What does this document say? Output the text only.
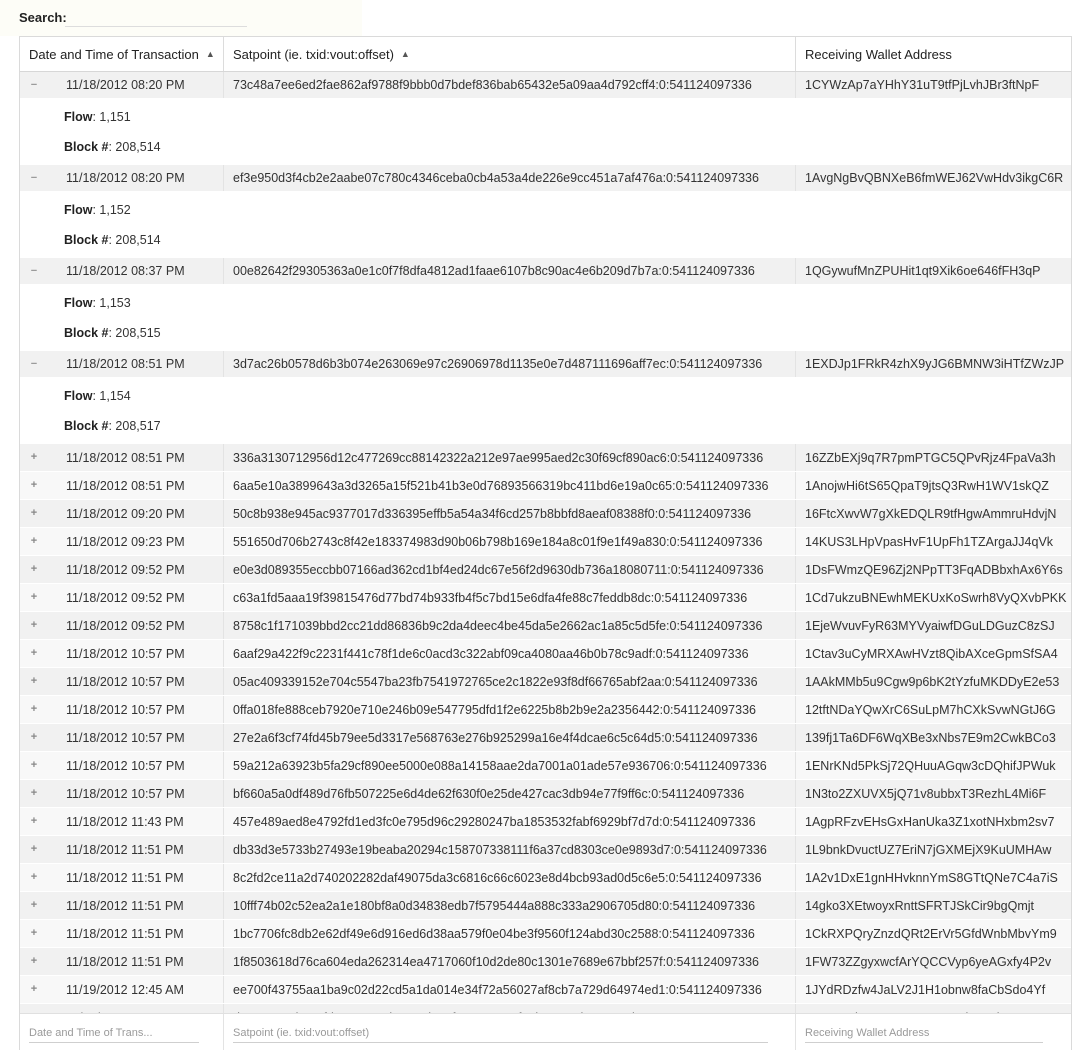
Search:
Date and Time of Transaction ▲ Satpoint (ie. txid:vout:offset) ▲	Receiving Wallet Address
− 11/18/2012 08:20 PM	73c48a7ee6ed2fae862af9788f9bbb0d7bdef836bab65432e5a09aa4d792cff4:0:541124097336	1CYWzAp7aYHhY31uT9tfPjLvhJBr3ftNpF
Flow: 1,151
Block #: 208,514
− 11/18/2012 08:20 PM	ef3e950d3f4cb2e2aabe07c780c4346ceba0cb4a53a4de226e9cc451a7af476a:0:541124097336	1AvgNgBvQBNXeB6fmWEJ62VwHdv3ikgC6R
Flow: 1,152
Block #: 208,514
− 11/18/2012 08:37 PM	00e82642f29305363a0e1c0f7f8dfa4812ad1faae6107b8c90ac4e6b209d7b7a:0:541124097336	1QGywufMnZPUHit1qt9Xik6oe646fFH3qP
Flow: 1,153
Block #: 208,515
− 11/18/2012 08:51 PM	3d7ac26b0578d6b3b074e263069e97c26906978d1135e0e7d487111696aff7ec:0:541124097336	1EXDJp1FRkR4zhX9yJG6BMNW3iHTfZWzJP
Flow: 1,154
Block #: 208,517
+ 11/18/2012 08:51 PM	336a3130712956d12c477269cc88142322a212e97ae995aed2c30f69cf890ac6:0:541124097336	16ZZbEXj9q7R7pmPTGC5QPvRjz4FpaVa3h
+ 11/18/2012 08:51 PM	6aa5e10a3899643a3d3265a15f521b41b3e0d76893566319bc411bd6e19a0c65:0:541124097336	1AnojwHi6tS65QpaT9jtsQ3RwH1WV1skQZ
+ 11/18/2012 09:20 PM	50c8b938e945ac9377017d336395effb5a54a34f6cd257b8bbfd8aeaf08388f0:0:541124097336	16FtcXwvW7gXkEDQLR9tfHgwAmmruHdvjN
+ 11/18/2012 09:23 PM	551650d706b2743c8f42e183374983d90b06b798b169e184a8c01f9e1f49a830:0:541124097336	14KUS3LHpVpasHvF1UpFh1TZArgaJJ4qVk
+ 11/18/2012 09:52 PM	e0e3d089355eccbb07166ad362cd1bf4ed24dc67e56f2d9630db736a18080711:0:541124097336	1DsFWmzQE96Zj2NPpTT3FqADBbxhAx6Y6s
+ 11/18/2012 09:52 PM	c63a1fd5aaa19f39815476d77bd74b933fb4f5c7bd15e6dfa4fe88c7feddb8dc:0:541124097336	1Cd7ukzuBNEwhMEKUxKoSwrh8VyQXvbPKK
+ 11/18/2012 09:52 PM	8758c1f171039bbd2cc21dd86836b9c2da4deec4be45da5e2662ac1a85c5d5fe:0:541124097336	1EjeWvuvFyR63MYVyaiwfDGuLDGuzC8zSJ
+ 11/18/2012 10:57 PM	6aaf29a422f9c2231f441c78f1de6c0acd3c322abf09ca4080aa46b0b78c9adf:0:541124097336	1Ctav3uCyMRXAwHVzt8QibAXceGpmSfSA4
+ 11/18/2012 10:57 PM	05ac409339152e704c5547ba23fb7541972765ce2c1822e93f8df66765abf2aa:0:541124097336	1AAkMMb5u9Cgw9p6bK2tYzfuMKDDyE2e53
+ 11/18/2012 10:57 PM	0ffa018fe888ceb7920e710e246b09e547795dfd1f2e6225b8b2b9e2a2356442:0:541124097336	12tftNDaYQwXrC6SuLpM7hCXkSvwNGtJ6G
+ 11/18/2012 10:57 PM	27e2a6f3cf74fd45b79ee5d3317e568763e276b925299a16e4f4dcae6c5c64d5:0:541124097336	139fj1Ta6DF6WqXBe3xNbs7E9m2CwkBCo3
+ 11/18/2012 10:57 PM	59a212a63923b5fa29cf890ee5000e088a14158aae2da7001a01ade57e936706:0:541124097336	1ENrKNd5PkSj72QHuuAGqw3cDQhifJPWuk
+ 11/18/2012 10:57 PM	bf660a5a0df489d76fb507225e6d4de62f630f0e25de427cac3db94e77f9ff6c:0:541124097336	1N3to2ZXUVX5jQ71v8ubbxT3RezhL4Mi6F
+ 11/18/2012 11:43 PM	457e489aed8e4792fd1ed3fc0e795d96c29280247ba1853532fabf6929bf7d7d:0:541124097336	1AgpRFzvEHsGxHanUka3Z1xotNHxbm2sv7
+ 11/18/2012 11:51 PM	db33d3e5733b27493e19beaba20294c158707338111f6a37cd8303ce0e9893d7:0:541124097336	1L9bnkDvuctUZ7EriN7jGXMEjX9KuUMHAw
+ 11/18/2012 11:51 PM	8c2fd2ce11a2d740202282daf49075da3c6816c66c6023e8d4bcb93ad0d5c6e5:0:541124097336	1A2v1DxE1gnHHvknnYmS8GTtQNe7C4a7iS
+ 11/18/2012 11:51 PM	10fff74b02c52ea2a1e180bf8a0d34838edb7f5795444a888c333a2906705d80:0:541124097336	14gko3XEtwoyxRnttSFRTJSkCir9bgQmjt
+ 11/18/2012 11:51 PM	1bc7706fc8db2e62df49e6d916ed6d38aa579f0e04be3f9560f124abd30c2588:0:541124097336	1CkRXPQryZnzdQRt2ErVr5GfdWnbMbvYm9
+ 11/18/2012 11:51 PM	1f8503618d76ca604eda262314ea4717060f10d2de80c1301e7689e67bbf257f:0:541124097336	1FW73ZZgyxwcfArYQCCVyp6yeAGxfy4P2v
+ 11/19/2012 12:45 AM	ee700f43755aa1ba9c02d22cd5a1da014e34f72a56027af8cb7a729d64974ed1:0:541124097336	1JYdRDzfw4JaLV2J1H1obnw8faCbSdo4Yf
Date and Time of Trans...
Satpoint (ie. txid:vout:offset)
Receiving Wallet Address
